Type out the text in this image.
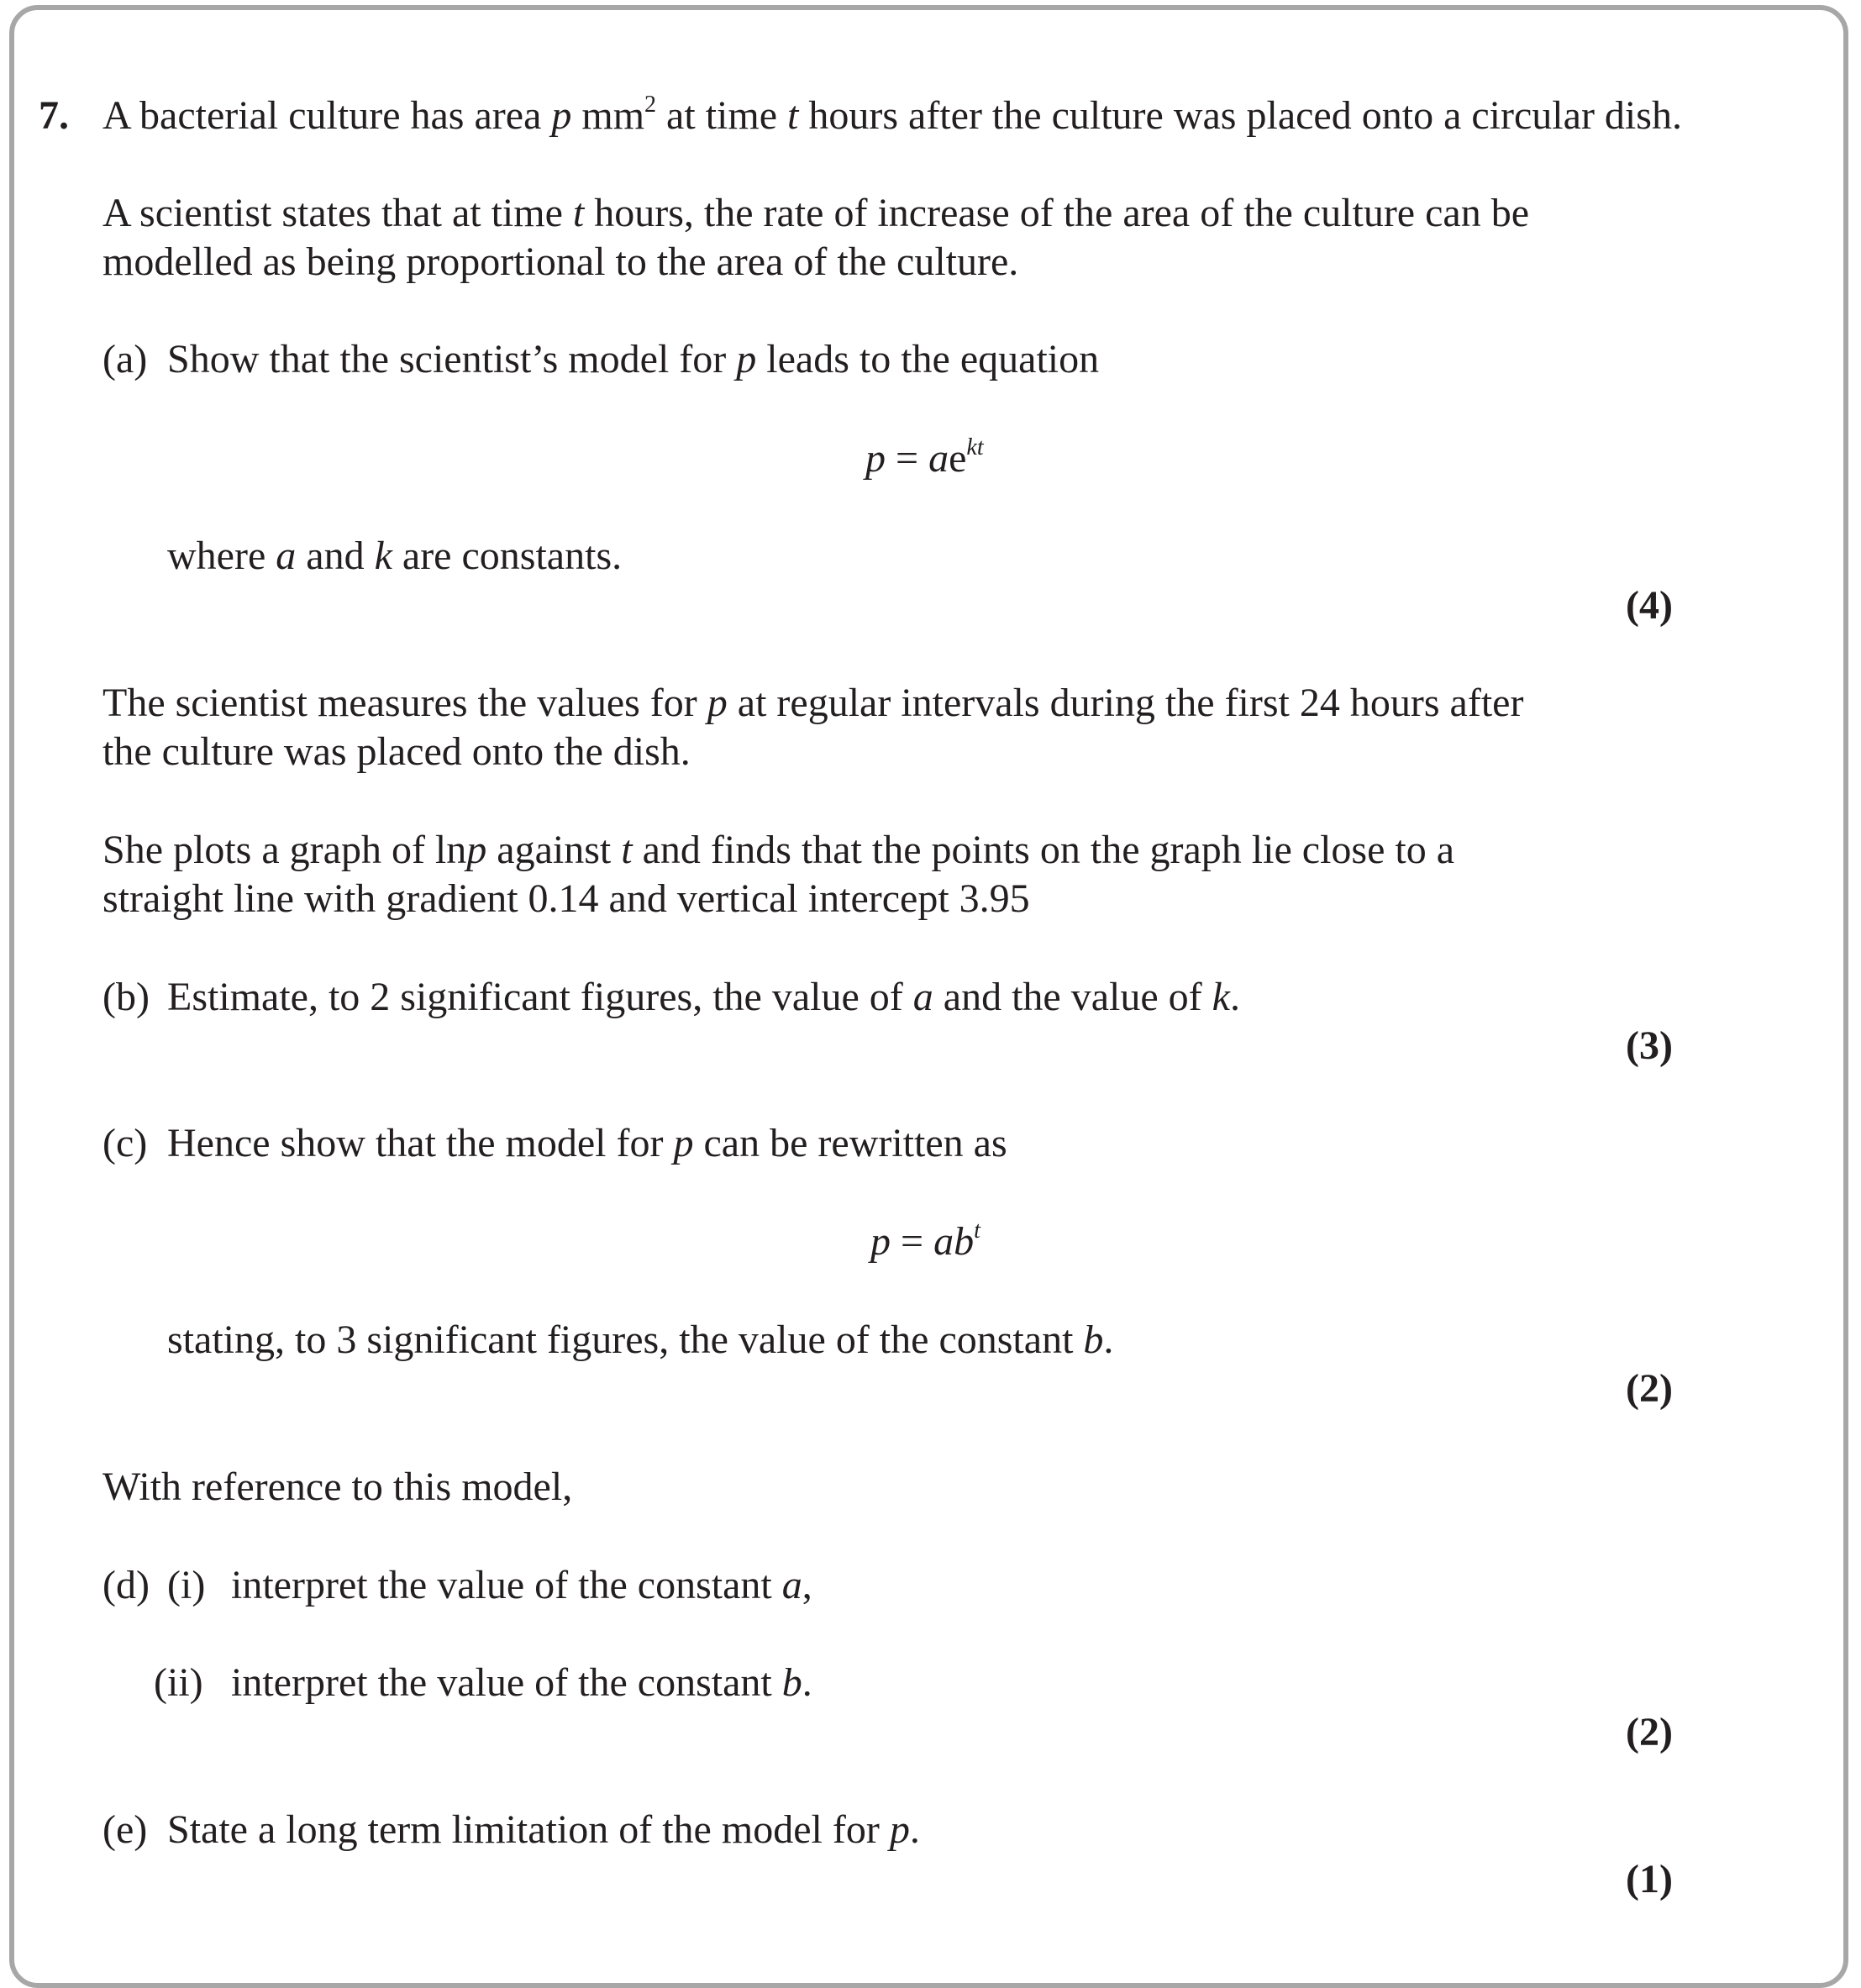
7. A bacterial culture has area p $mm^2$ at time t hours after the culture was placed onto a circular dish.
A scientist states that at time t hours, the rate of increase of the area of the culture can be
modelled as being proportional to the area of the culture.
(a) Show that the scientist’s model for p leads to the equation
$p = ae^{kt}$
where a and k are constants.
(4)
The scientist measures the values for p at regular intervals during the first 24 hours after
the culture was placed onto the dish.
She plots a graph of lnp against t and finds that the points on the graph lie close to a
straight line with gradient 0.14 and vertical intercept 3.95
(b) Estimate, to 2 significant figures, the value of a and the value of k.
(3)
(c) Hence show that the model for p can be rewritten as
$p = ab^t$
stating, to 3 significant figures, the value of the constant b.
(2)
With reference to this model,
(d) (i) interpret the value of the constant a,
(ii) interpret the value of the constant b.
(2)
(e) State a long term limitation of the model for p.
(1)
